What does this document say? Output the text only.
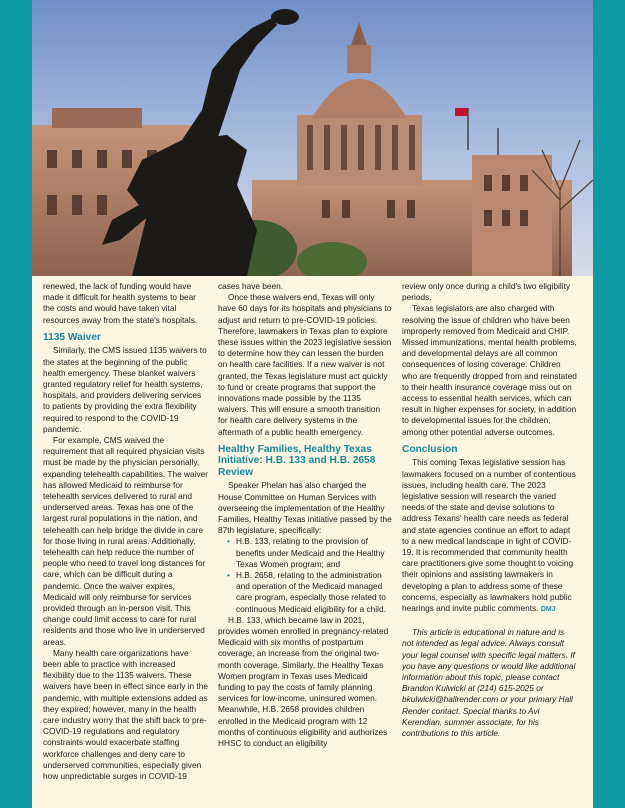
renewed, the lack of funding would have made it difficult for health systems to bear the costs and would have taken vital resources away from the state's hospitals.

1135 Waiver

Similarly, the CMS issued 1135 waivers to the states at the beginning of the public health emergency. These blanket waivers granted regulatory relief for health systems, hospitals, and providers delivering services to patients by providing the extra flexibility required to respond to the COVID-19 pandemic.

For example, CMS waived the requirement that all required physician visits must be made by the physician personally, expanding telehealth capabilities. The waiver has allowed Medicaid to reimburse for telehealth services delivered to rural and underserved areas. Texas has one of the largest rural populations in the nation, and telehealth can help bridge the divide in care for those living in rural areas. Additionally, telehealth can help reduce the number of people who need to travel long distances for care, which can be difficult during a pandemic. Once the waiver expires, Medicaid will only reimburse for services provided through an in-person visit. This change could limit access to care for rural residents and those who live in underserved areas.

Many health care organizations have been able to practice with increased flexibility due to the 1135 waivers. These waivers have been in effect since early in the pandemic, with multiple extensions added as they expired; however, many in the health care industry worry that the shift back to pre-COVID-19 regulations and regulatory constraints would exacerbate staffing workforce challenges and deny care to underserved communities, especially given how unpredictable surges in COVID-19

cases have been.

Once these waivers end, Texas will only have 60 days for its hospitals and physicians to adjust and return to pre-COVID-19 policies. Therefore, lawmakers in Texas plan to explore these issues within the 2023 legislative session to determine how they can lessen the burden on health care facilities. If a new waiver is not granted, the Texas legislature must act quickly to fund or create programs that support the innovations made possible by the 1135 waivers. This will ensure a smooth transition for health care delivery systems in the aftermath of a public health emergency.

Healthy Families, Healthy Texas Initiative: H.B. 133 and H.B. 2658 Review

Speaker Phelan has also charged the House Committee on Human Services with overseeing the implementation of the Healthy Families, Healthy Texas initiative passed by the 87th legislature, specifically:

• H.B. 133, relating to the provision of benefits under Medicaid and the Healthy Texas Women program; and
• H.B. 2658, relating to the administration and operation of the Medicaid managed care program, especially those related to continuous Medicaid eligibility for a child.

H.B. 133, which became law in 2021, provides women enrolled in pregnancy-related Medicaid with six months of postpartum coverage, an increase from the original two-month coverage. Similarly, the Healthy Texas Women program in Texas uses Medicaid funding to pay the costs of family planning services for low-income, uninsured women. Meanwhile, H.B. 2658 provides children enrolled in the Medicaid program with 12 months of continuous eligibility and authorizes HHSC to conduct an eligibility

review only once during a child's two eligibility periods.

Texas legislators are also charged with resolving the issue of children who have been improperly removed from Medicaid and CHIP. Missed immunizations, mental health problems, and developmental delays are all common consequences of losing coverage. Children who are frequently dropped from and reinstated to their health insurance coverage miss out on access to essential health services, which can result in higher expenses for society, in addition to developmental issues for the children, among other potential adverse outcomes.

Conclusion

This coming Texas legislative session has lawmakers focused on a number of contentious issues, including health care. The 2023 legislative session will research the varied needs of the state and devise solutions to address Texans' health care needs as federal and state agencies continue an effort to adapt to a new medical landscape in light of COVID-19. It is recommended that community health care practitioners give some thought to voicing their opinions and assisting lawmakers in developing a plan to address some of these concerns, especially as lawmakers hold public hearings and invite public comments. DMJ

This article is educational in nature and is not intended as legal advice. Always consult your legal counsel with specific legal matters. If you have any questions or would like additional information about this topic, please contact Brandon Kulwicki at (214) 615-2025 or bkulwicki@hallrender.com or your primary Hall Render contact. Special thanks to Avi Kerendian, summer associate, for his contributions to this article.
